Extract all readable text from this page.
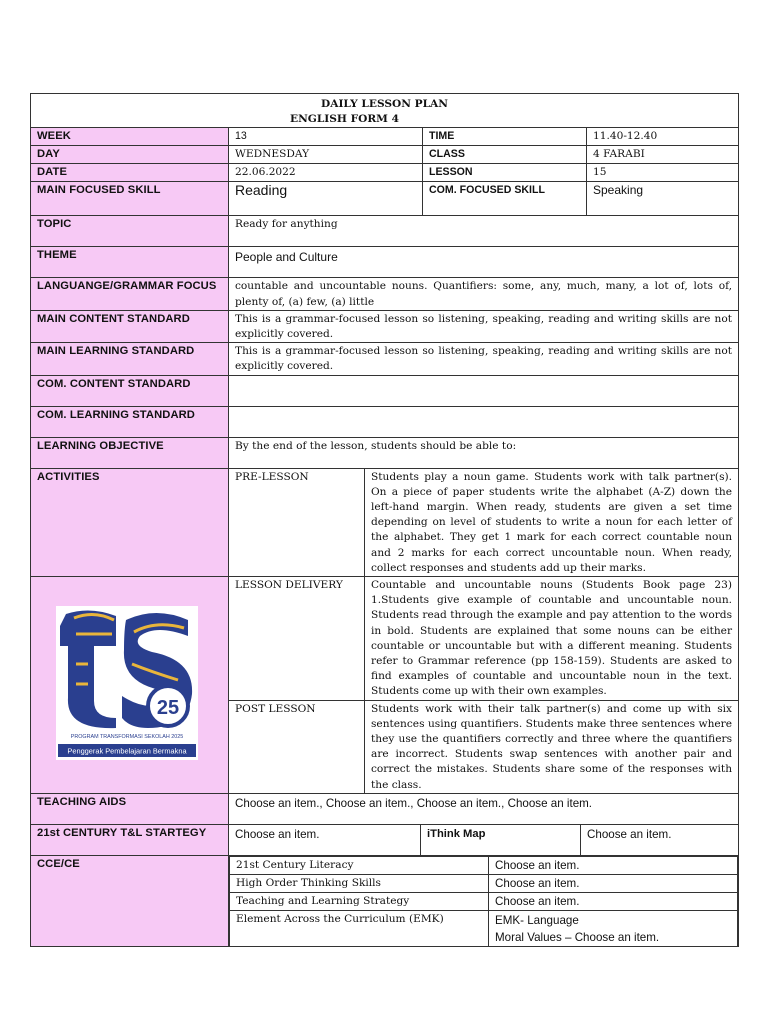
DAILY LESSON PLAN
ENGLISH FORM 4

WEEK	13	TIME	11.40-12.40
DAY	WEDNESDAY	CLASS	4 FARABI
DATE	22.06.2022	LESSON	15
MAIN FOCUSED SKILL	Reading	COM. FOCUSED SKILL	Speaking
TOPIC	Ready for anything
THEME	People and Culture
LANGUANGE/GRAMMAR FOCUS	countable and uncountable nouns. Quantifiers: some, any, much, many, a lot of, lots of, plenty of, (a) few, (a) little
MAIN CONTENT STANDARD	This is a grammar-focused lesson so listening, speaking, reading and writing skills are not explicitly covered.
MAIN LEARNING STANDARD	This is a grammar-focused lesson so listening, speaking, reading and writing skills are not explicitly covered.
COM. CONTENT STANDARD	
COM. LEARNING STANDARD	
LEARNING OBJECTIVE	By the end of the lesson, students should be able to:
ACTIVITIES	PRE-LESSON	Students play a noun game. Students work with talk partner(s). On a piece of paper students write the alphabet (A-Z) down the left-hand margin. When ready, students are given a set time depending on level of students to write a noun for each letter of the alphabet. They get 1 mark for each correct countable noun and 2 marks for each correct uncountable noun. When ready, collect responses and students add up their marks.

25
PROGRAM TRANSFORMASI SEKOLAH 2025
Penggerak Pembelajaran Bermakna
	LESSON DELIVERY	Countable and uncountable nouns (Students Book page 23) 1.Students give example of countable and uncountable noun. Students read through the example and pay attention to the words in bold. Students are explained that some nouns can be either countable or uncountable but with a different meaning. Students refer to Grammar reference (pp 158-159). Students are asked to find examples of countable and uncountable noun in the text. Students come up with their own examples.
POST LESSON	Students work with their talk partner(s) and come up with six sentences using quantifiers. Students make three sentences where they use the quantifiers correctly and three where the quantifiers are incorrect. Students swap sentences with another pair and correct the mistakes. Students share some of the responses with the class.
TEACHING AIDS	Choose an item., Choose an item., Choose an item., Choose an item.
21st CENTURY T&L STARTEGY	Choose an item.	iThink Map	Choose an item.
CCE/CE		21st Century Literacy	Choose an item.
High Order Thinking Skills	Choose an item.
Teaching and Learning Strategy	Choose an item.
Element Across the Curriculum (EMK)	EMK- Language
Moral Values – Choose an item.
